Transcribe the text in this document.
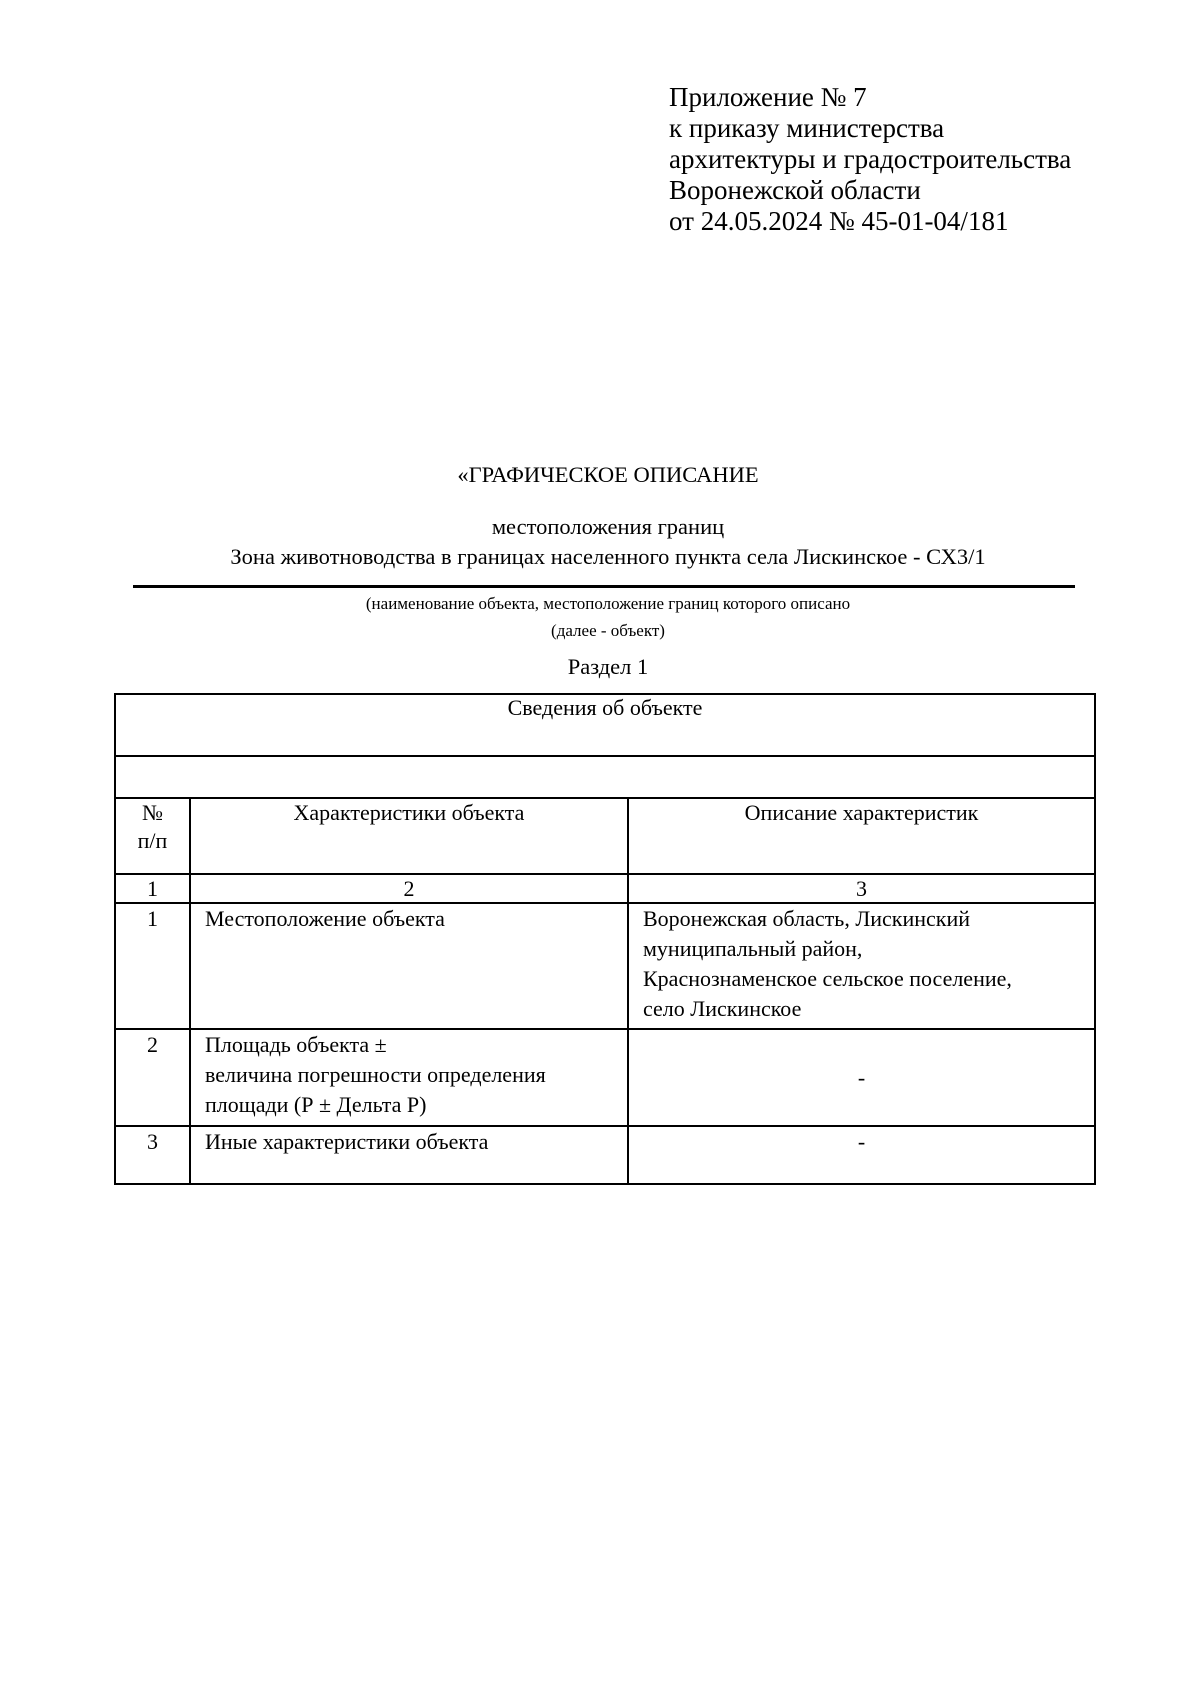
Приложение № 7
к приказу министерства
архитектуры и градостроительства
Воронежской области
от 24.05.2024 № 45-01-04/181
«ГРАФИЧЕСКОЕ ОПИСАНИЕ
местоположения границ
Зона животноводства в границах населенного пункта села Лискинское - СХ3/1
(наименование объекта, местоположение границ которого описано
(далее - объект)
Раздел 1
Сведения об объекте		

№
п/п	Характеристики объекта	Описание характеристик
1	2	3
1	Местоположение объекта	Воронежская область, Лискинский
муниципальный район,
Краснознаменское сельское поселение,
село Лискинское

2	Площадь объекта ±
величина погрешности определения
площади (Р ± Дельта Р)	-
3	Иные характеристики объекта	-
